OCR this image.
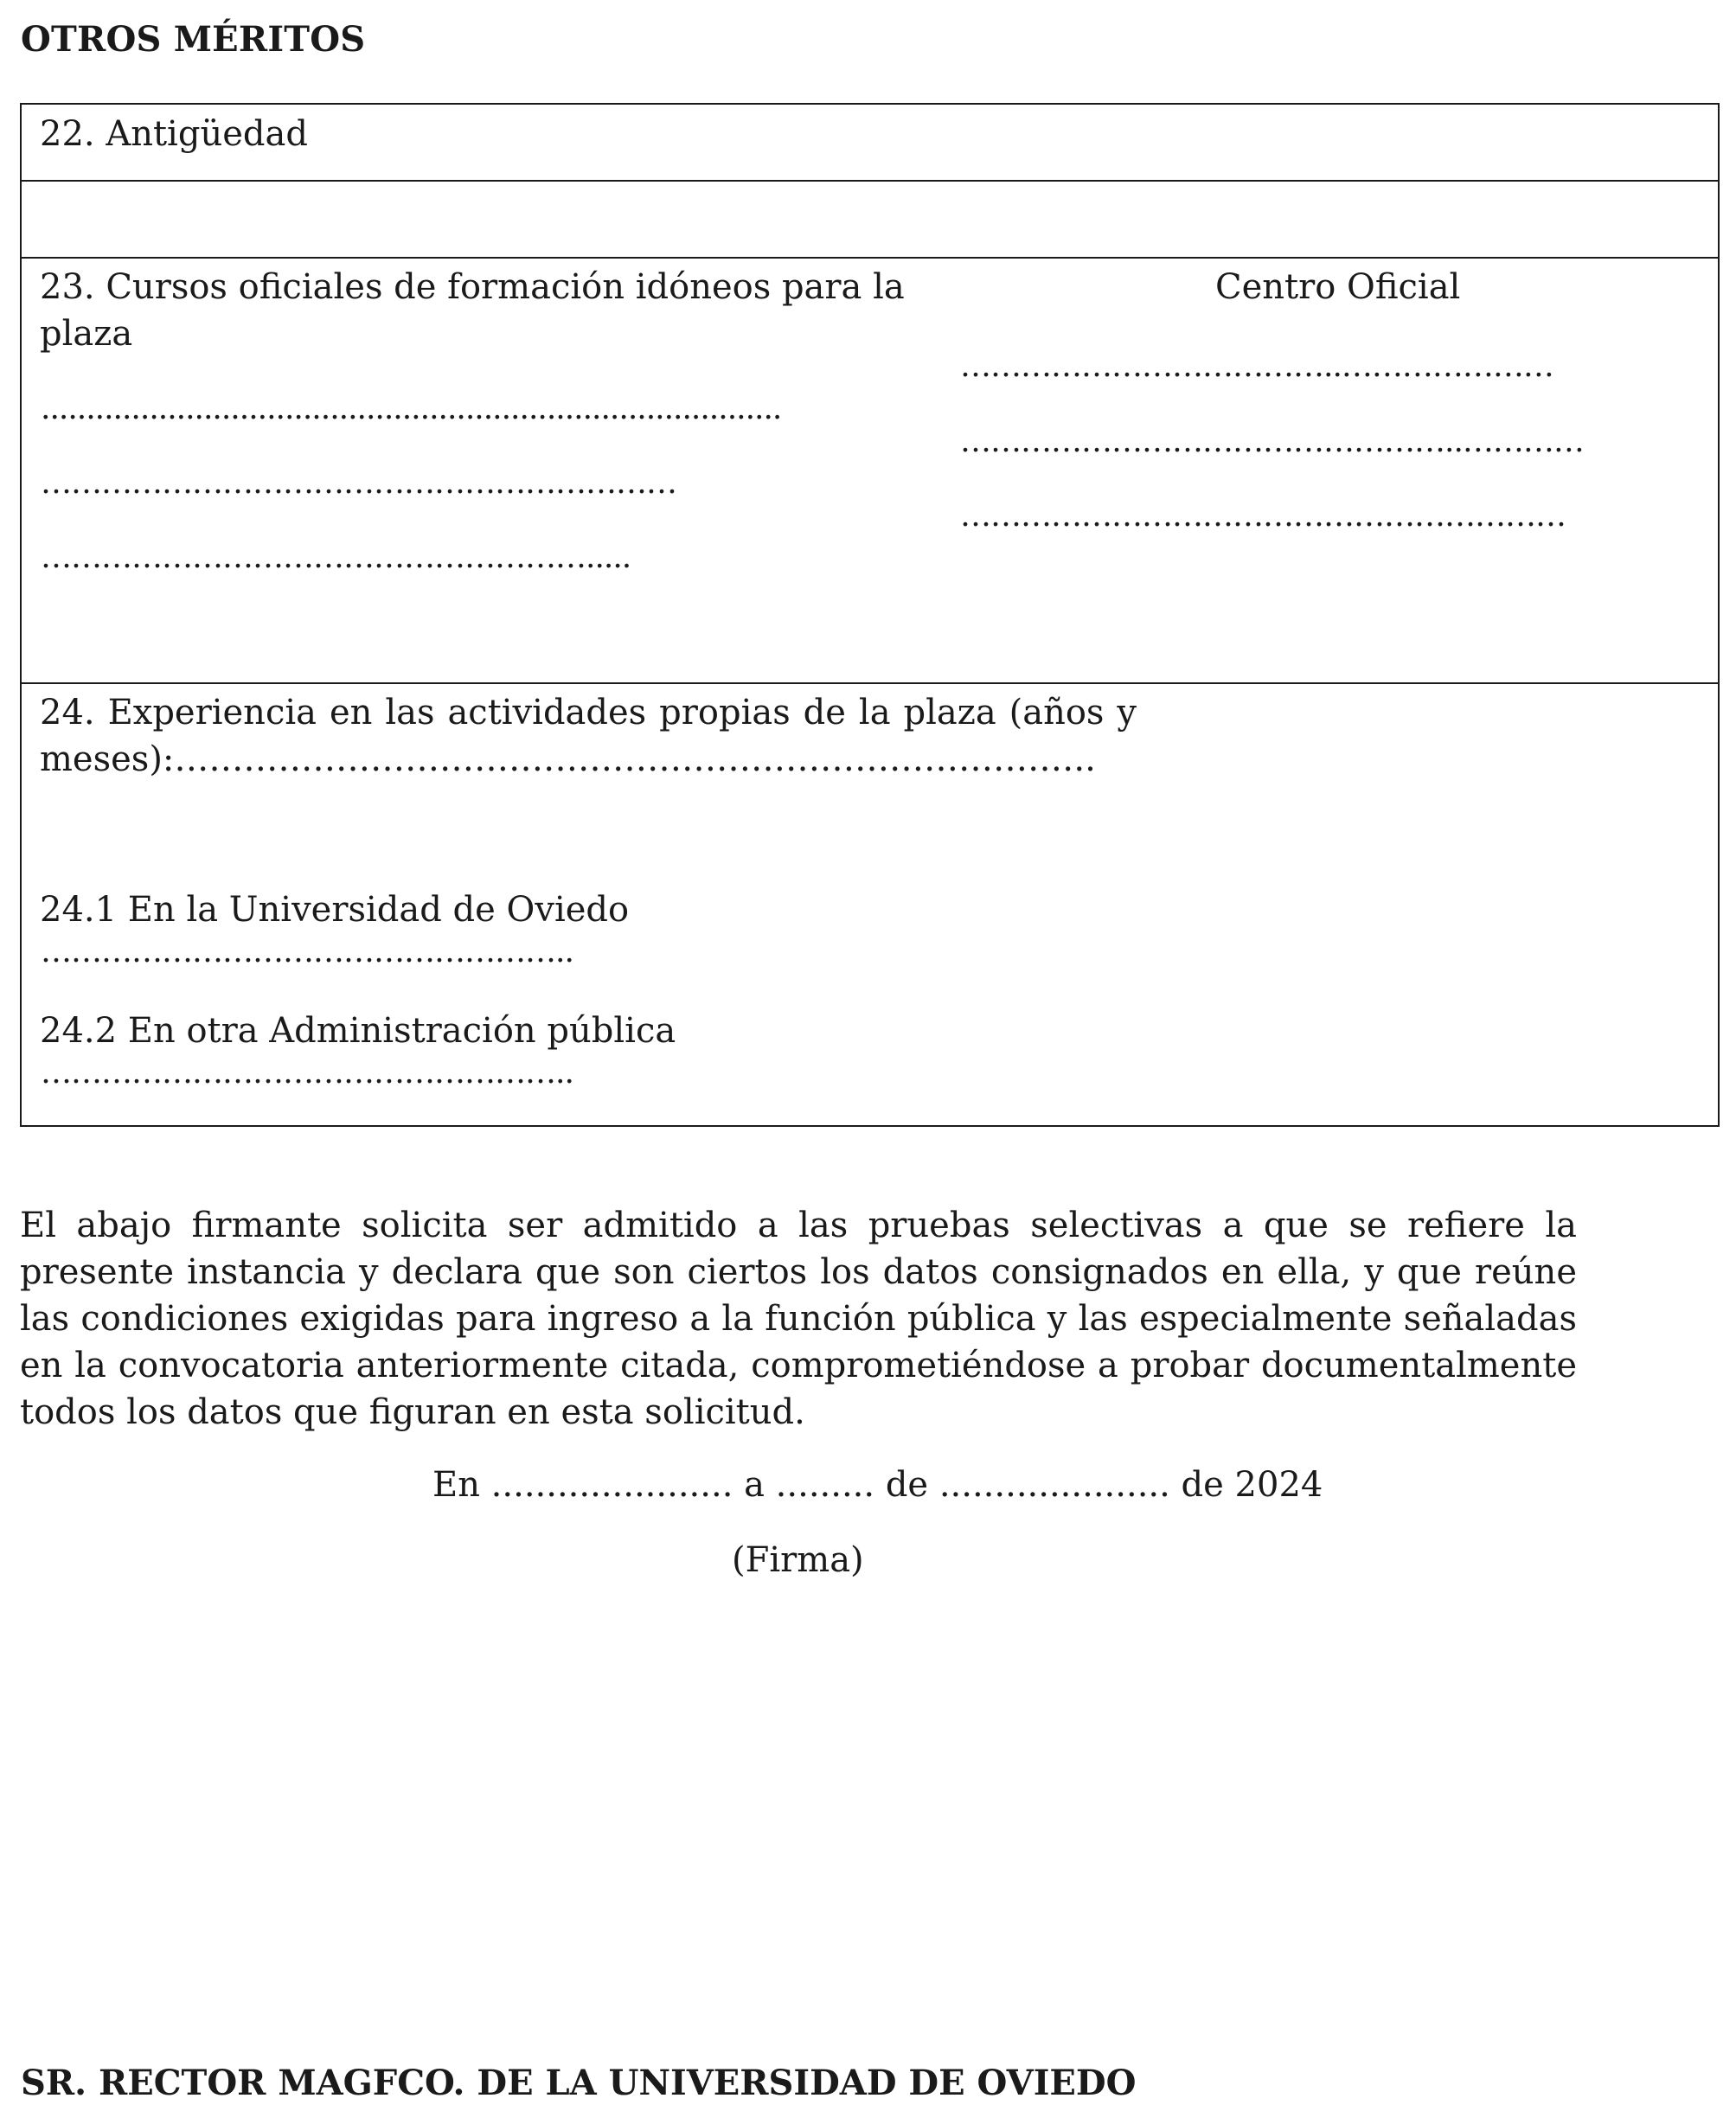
OTROS MÉRITOS
22. Antigüedad
23. Cursos oficiales de formación idóneos para la
plaza
Centro Oficial
..................................................................................
………………………………………………………
……………………………………………….....
………………………………..…………………
…………………………………………..…………
……………………………………………………
24. Experiencia en las actividades propias de la plaza (años y
meses):……………………………………………………………………..
24.1 En la Universidad de Oviedo
……………………………………………..
24.2 En otra Administración pública
……………………………………………..
El abajo firmante solicita ser admitido a las pruebas selectivas a que se refiere la presente instancia y declara que son ciertos los datos consignados en ella, y que reúne las condiciones exigidas para ingreso a la función pública y las especialmente señaladas en la convocatoria anteriormente citada, comprometiéndose a probar documentalmente todos los datos que figuran en esta solicitud.
En ...................... a ......... de ..................... de 2024
(Firma)
SR. RECTOR MAGFCO. DE LA UNIVERSIDAD DE OVIEDO
